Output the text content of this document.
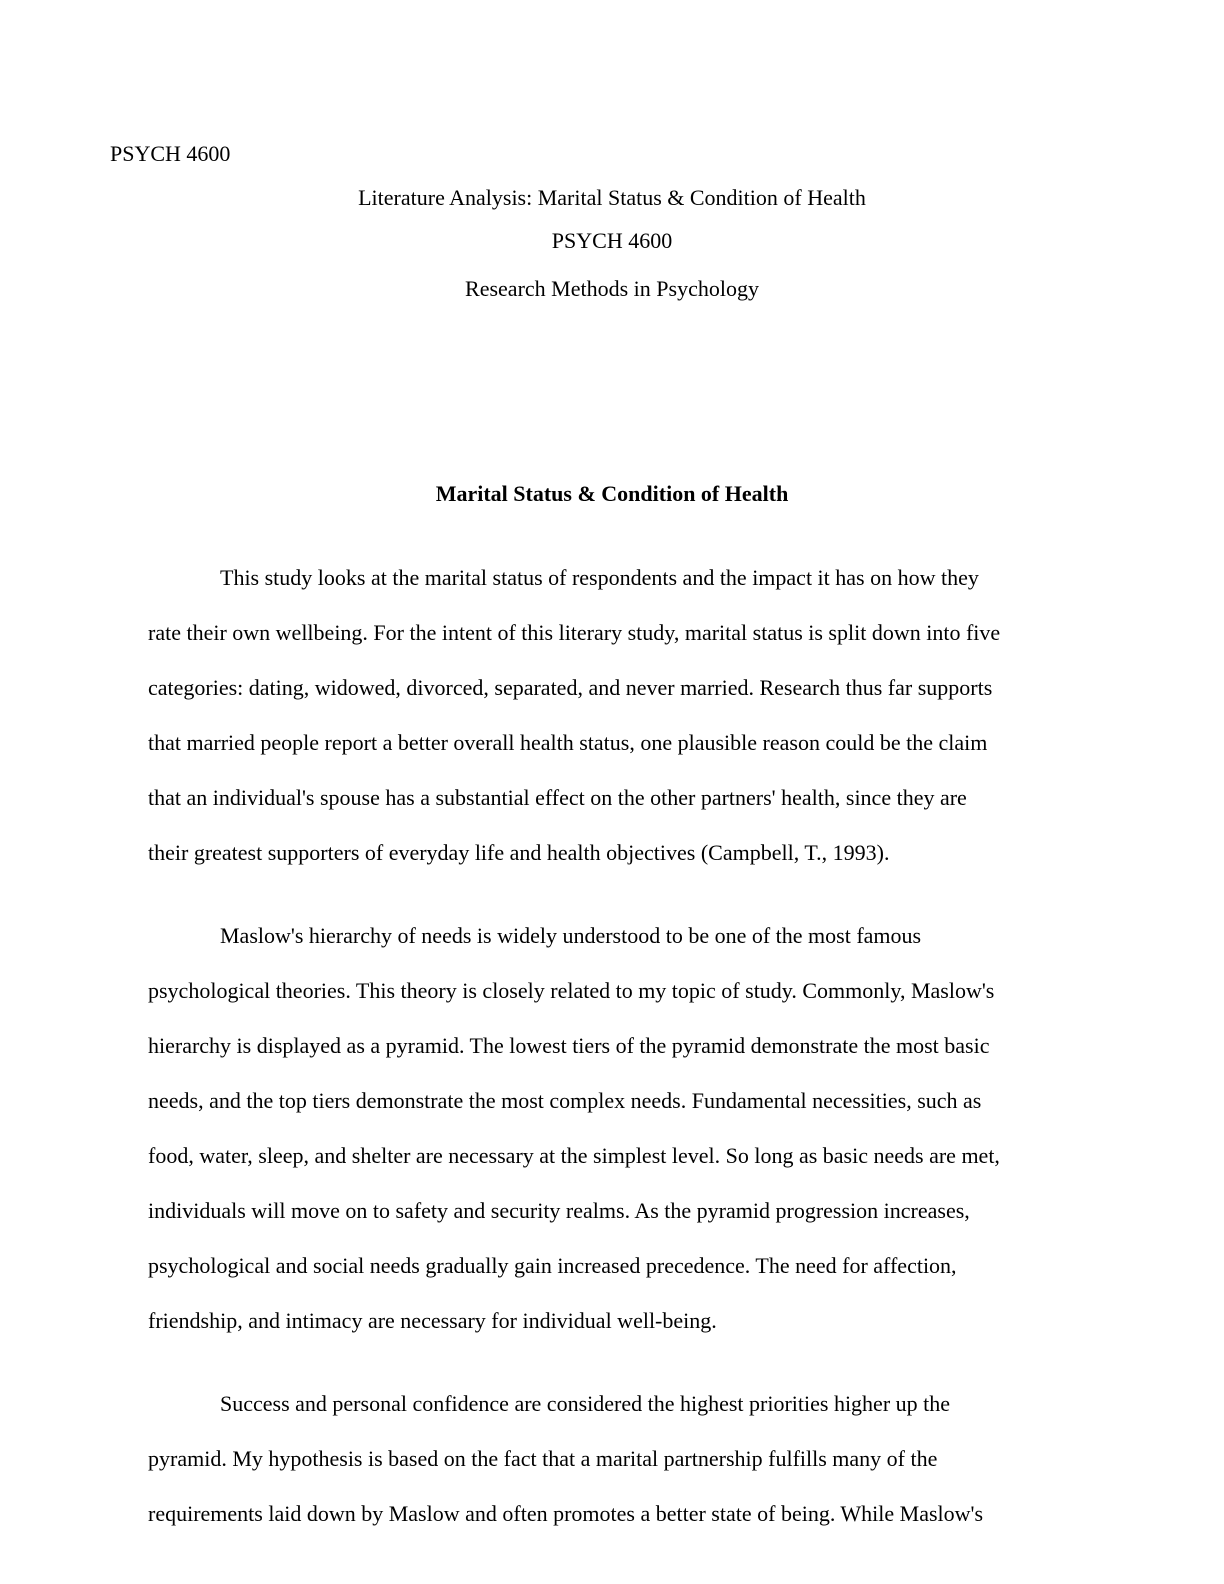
PSYCH 4600
Literature Analysis: Marital Status & Condition of Health
PSYCH 4600
Research Methods in Psychology
Marital Status & Condition of Health
This study looks at the marital status of respondents and the impact it has on how they
rate their own wellbeing. For the intent of this literary study, marital status is split down into five
categories: dating, widowed, divorced, separated, and never married. Research thus far supports
that married people report a better overall health status, one plausible reason could be the claim
that an individual's spouse has a substantial effect on the other partners' health, since they are
their greatest supporters of everyday life and health objectives (Campbell, T., 1993).
Maslow's hierarchy of needs is widely understood to be one of the most famous
psychological theories. This theory is closely related to my topic of study. Commonly, Maslow's
hierarchy is displayed as a pyramid. The lowest tiers of the pyramid demonstrate the most basic
needs, and the top tiers demonstrate the most complex needs. Fundamental necessities, such as
food, water, sleep, and shelter are necessary at the simplest level. So long as basic needs are met,
individuals will move on to safety and security realms. As the pyramid progression increases,
psychological and social needs gradually gain increased precedence. The need for affection,
friendship, and intimacy are necessary for individual well-being.
Success and personal confidence are considered the highest priorities higher up the
pyramid. My hypothesis is based on the fact that a marital partnership fulfills many of the
requirements laid down by Maslow and often promotes a better state of being. While Maslow's
